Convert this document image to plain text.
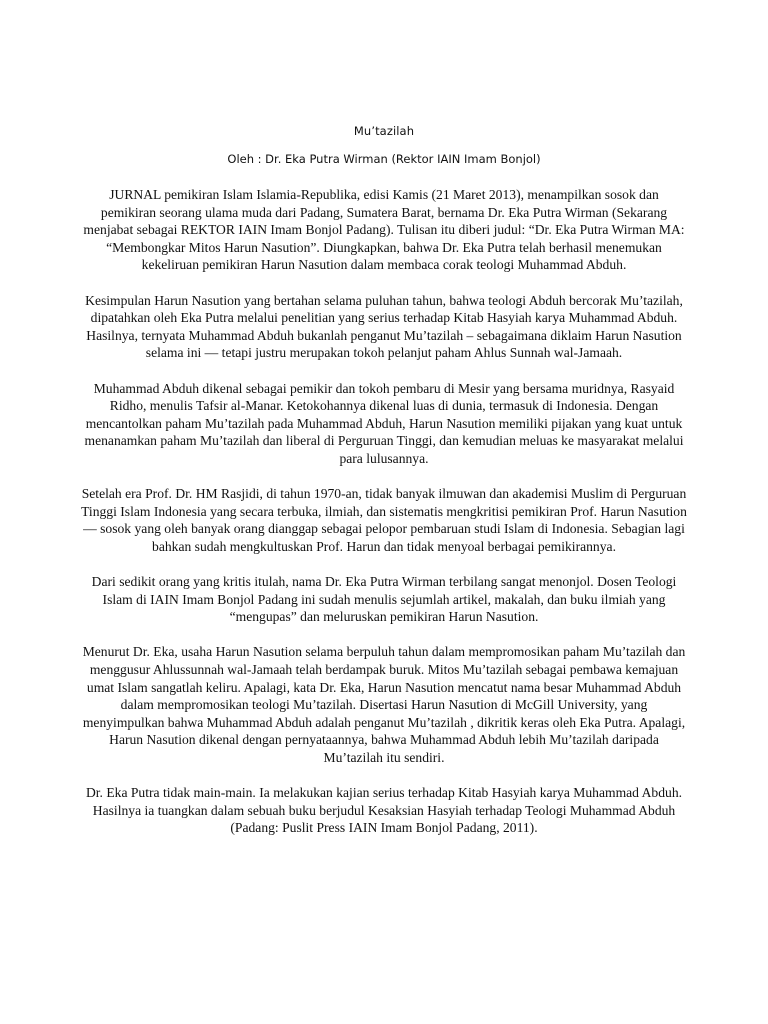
Mu’tazilah
Oleh : Dr. Eka Putra Wirman (Rektor IAIN Imam Bonjol)

JURNAL pemikiran Islam Islamia-Republika, edisi Kamis (21 Maret 2013), menampilkan sosok dan pemikiran seorang ulama muda dari Padang, Sumatera Barat, bernama Dr. Eka Putra Wirman (Sekarang menjabat sebagai REKTOR IAIN Imam Bonjol Padang). Tulisan itu diberi judul: “Dr. Eka Putra Wirman MA: “Membongkar Mitos Harun Nasution”. Diungkapkan, bahwa Dr. Eka Putra telah berhasil menemukan kekeliruan pemikiran Harun Nasution dalam membaca corak teologi Muhammad Abduh.

Kesimpulan Harun Nasution yang bertahan selama puluhan tahun, bahwa teologi Abduh bercorak Mu’tazilah, dipatahkan oleh Eka Putra melalui penelitian yang serius terhadap Kitab Hasyiah karya Muhammad Abduh. Hasilnya, ternyata Muhammad Abduh bukanlah penganut Mu’tazilah – sebagaimana diklaim Harun Nasution selama ini — tetapi justru merupakan tokoh pelanjut paham Ahlus Sunnah wal-Jamaah.

Muhammad Abduh dikenal sebagai pemikir dan tokoh pembaru di Mesir yang bersama muridnya, Rasyaid Ridho, menulis Tafsir al-Manar. Ketokohannya dikenal luas di dunia, termasuk di Indonesia. Dengan mencantolkan paham Mu’tazilah pada Muhammad Abduh, Harun Nasution memiliki pijakan yang kuat untuk menanamkan paham Mu’tazilah dan liberal di Perguruan Tinggi, dan kemudian meluas ke masyarakat melalui para lulusannya.

Setelah era Prof. Dr. HM Rasjidi, di tahun 1970-an, tidak banyak ilmuwan dan akademisi Muslim di Perguruan Tinggi Islam Indonesia yang secara terbuka, ilmiah, dan sistematis mengkritisi pemikiran Prof. Harun Nasution — sosok yang oleh banyak orang dianggap sebagai pelopor pembaruan studi Islam di Indonesia. Sebagian lagi bahkan sudah mengkultuskan Prof. Harun dan tidak menyoal berbagai pemikirannya.

Dari sedikit orang yang kritis itulah, nama Dr. Eka Putra Wirman terbilang sangat menonjol. Dosen Teologi Islam di IAIN Imam Bonjol Padang ini sudah menulis sejumlah artikel, makalah, dan buku ilmiah yang “mengupas” dan meluruskan pemikiran Harun Nasution.

Menurut Dr. Eka, usaha Harun Nasution selama berpuluh tahun dalam mempromosikan paham Mu’tazilah dan menggusur Ahlussunnah wal-Jamaah telah berdampak buruk. Mitos Mu’tazilah sebagai pembawa kemajuan umat Islam sangatlah keliru. Apalagi, kata Dr. Eka, Harun Nasution mencatut nama besar Muhammad Abduh dalam mempromosikan teologi Mu’tazilah. Disertasi Harun Nasution di McGill University, yang menyimpulkan bahwa Muhammad Abduh adalah penganut Mu’tazilah , dikritik keras oleh Eka Putra. Apalagi, Harun Nasution dikenal dengan pernyataannya, bahwa Muhammad Abduh lebih Mu’tazilah daripada Mu’tazilah itu sendiri.

Dr. Eka Putra tidak main-main. Ia melakukan kajian serius terhadap Kitab Hasyiah karya Muhammad Abduh. Hasilnya ia tuangkan dalam sebuah buku berjudul Kesaksian Hasyiah terhadap Teologi Muhammad Abduh (Padang: Puslit Press IAIN Imam Bonjol Padang, 2011).
